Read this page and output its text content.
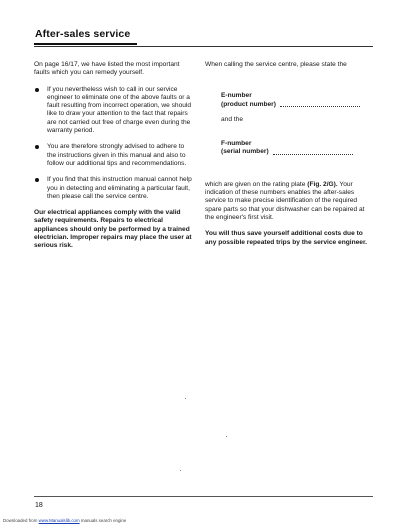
After-sales service

On page 16/17, we have listed the most important faults which you can remedy yourself.

If you nevertheless wish to call in our service engineer to eliminate one of the above faults or a fault resulting from incorrect operation, we should like to draw your attention to the fact that repairs are not carried out free of charge even during the warranty period.
You are therefore strongly advised to adhere to the instructions given in this manual and also to follow our additional tips and recommendations.
If you find that this instruction manual cannot help you in detecting and eliminating a particular fault, then please call the service centre.

Our electrical appliances comply with the valid safety requirements. Repairs to electrical appliances should only be performed by a trained electrician. Improper repairs may place the user at serious risk.

When calling the service centre, please state the

E-number
(product number)

and the

F-number
(serial number)

which are given on the rating plate (Fig. 2/G). Your indication of these numbers enables the after-sales service to make precise identification of the required spare parts so that your dishwasher can be repaired at the engineer's first visit.

You will thus save yourself additional costs due to any possible repeated trips by the service engineer.

18
Downloaded from www.Manualslib.com manuals search engine
